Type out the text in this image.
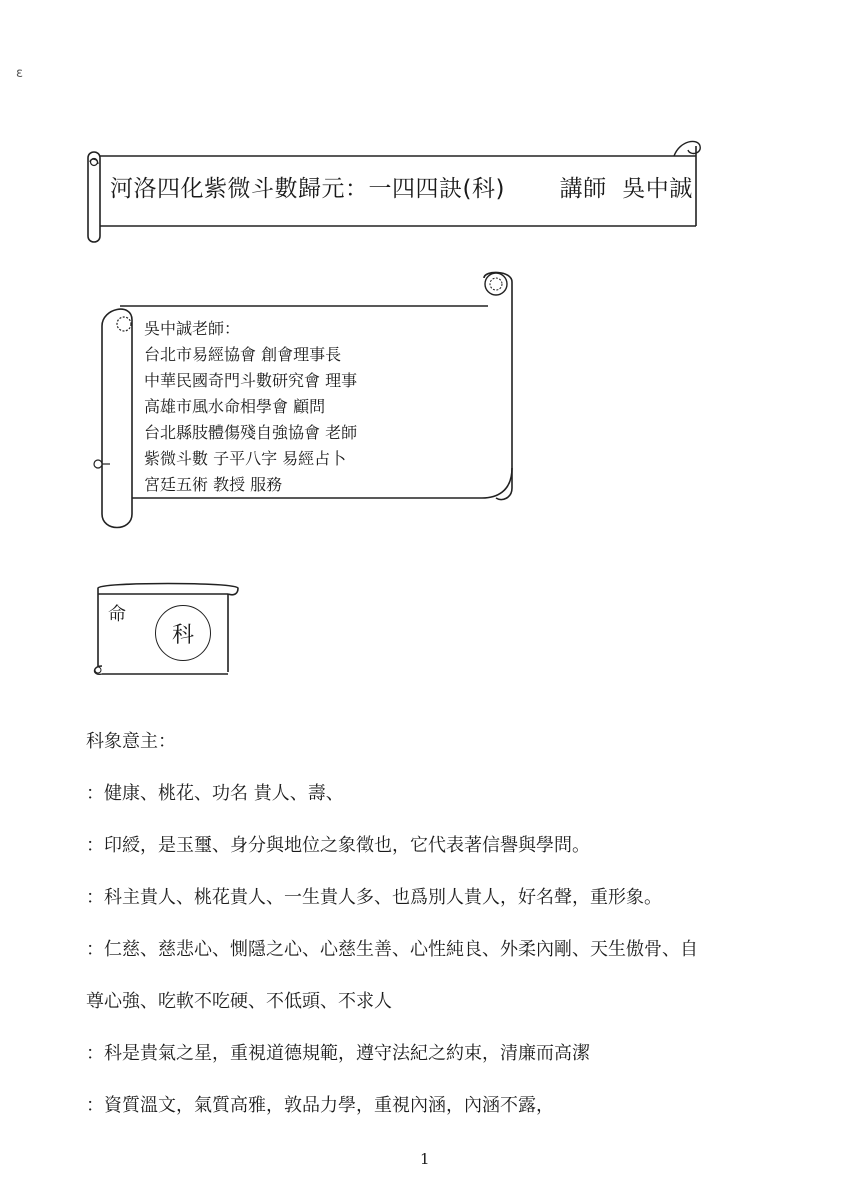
ε
河洛四化紫微斗數歸元：一四四訣(科)       講師  吳中誠
吳中誠老師：
台北市易經協會 創會理事長
中華民國奇門斗數研究會 理事
高雄市風水命相學會 顧問
台北縣肢體傷殘自強協會 老師
紫微斗數 子平八字 易經占卜
宮廷五術 教授 服務
命
科
科象意主：
：健康、桃花、功名 貴人、壽、
：印綬，是玉璽、身分與地位之象徵也，它代表著信譽與學問。
：科主貴人、桃花貴人、一生貴人多、也爲別人貴人，好名聲，重形象。
：仁慈、慈悲心、惻隱之心、心慈生善、心性純良、外柔內剛、天生傲骨、自
尊心強、吃軟不吃硬、不低頭、不求人
：科是貴氣之星，重視道德規範，遵守法紀之約束，清廉而高潔
：資質溫文，氣質高雅，敦品力學，重視內涵，內涵不露，
1
